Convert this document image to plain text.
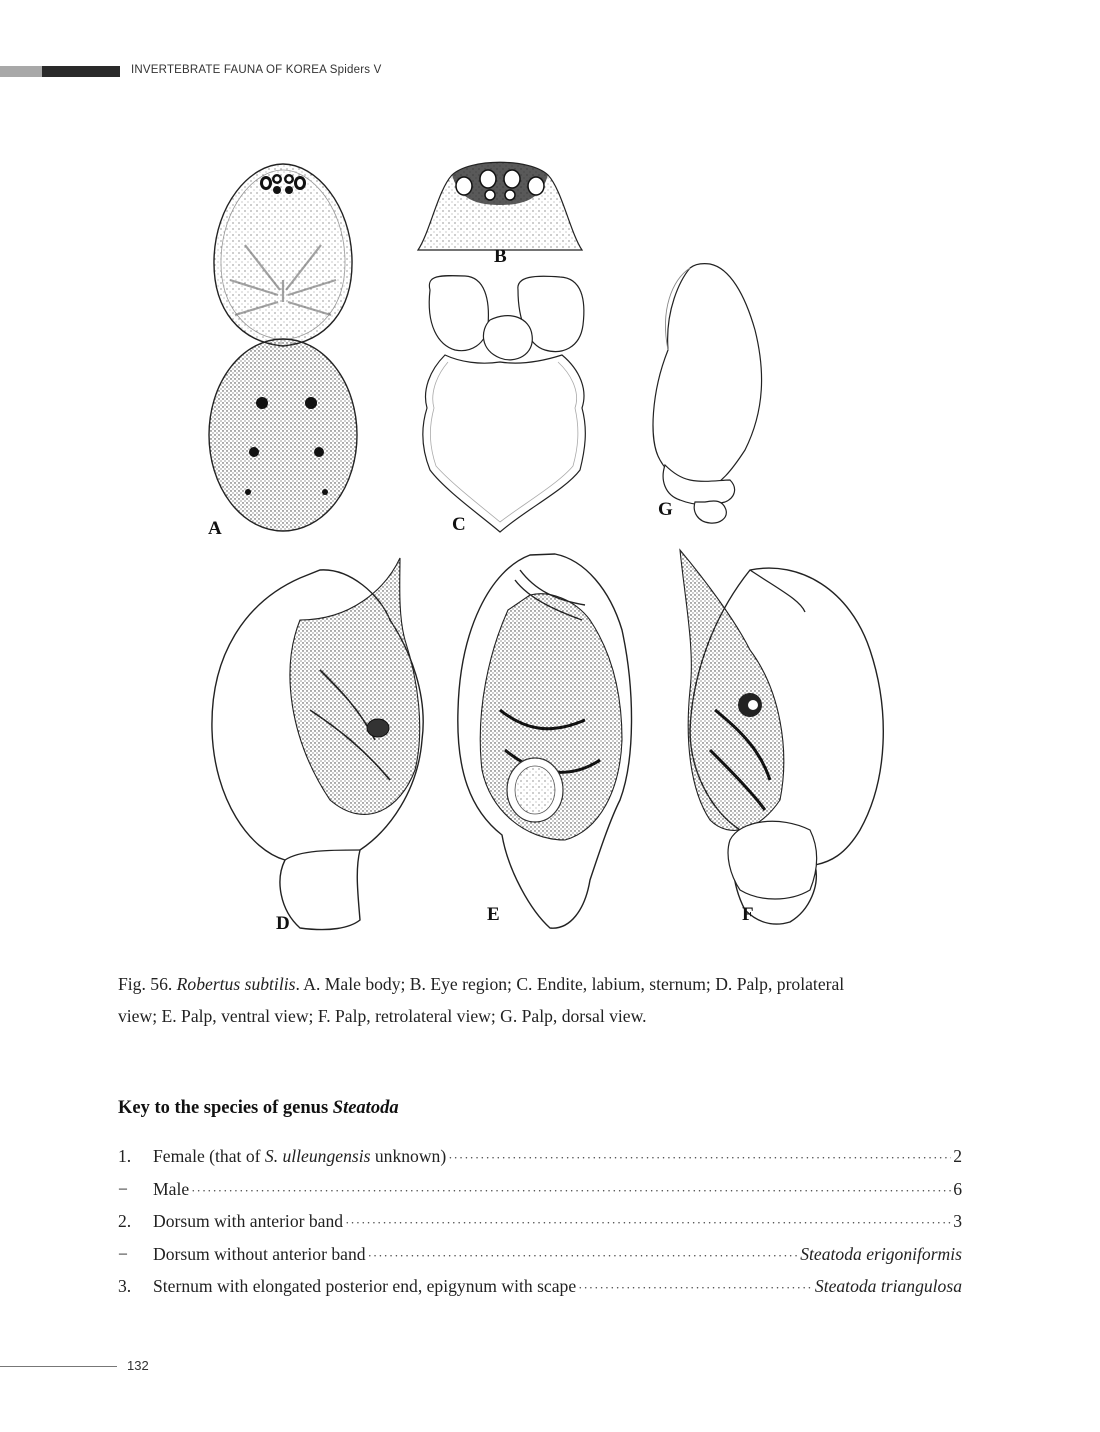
INVERTEBRATE FAUNA OF KOREA Spiders V
A
B
C
G
D	E	F
Fig. 56. Robertus subtilis. A. Male body; B. Eye region; C. Endite, labium, sternum; D. Palp, prolateral
view; E. Palp, ventral view; F. Palp, retrolateral view; G. Palp, dorsal view.
Key to the species of genus Steatoda
1.	Female (that of S. ulleungensis unknown) ·····	2
−	Male ·····	6
2.	Dorsum with anterior band ·····	3
−	Dorsum without anterior band ·····	Steatoda erigoniformis
3.	Sternum with elongated posterior end, epigynum with scape ·····	Steatoda triangulosa
132
